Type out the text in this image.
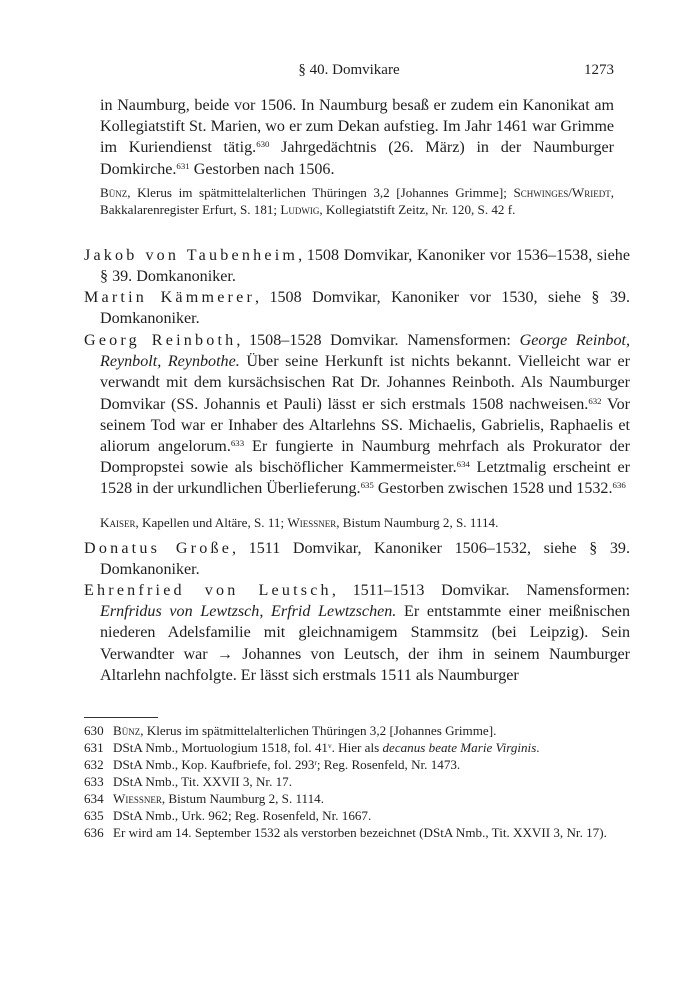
§ 40. Domvikare	1273
in Naumburg, beide vor 1506. In Naumburg besaß er zudem ein Kanonikat am Kollegiatstift St. Marien, wo er zum Dekan aufstieg. Im Jahr 1461 war Grimme im Kuriendienst tätig.$^{630}$ Jahrgedächtnis (26. März) in der Naumburger Domkirche.$^{631}$ Gestorben nach 1506.
Bünz, Klerus im spätmittelalterlichen Thüringen 3,2 [Johannes Grimme]; Schwinges/Wriedt, Bakkalarenregister Erfurt, S. 181; Ludwig, Kollegiatstift Zeitz, Nr. 120, S. 42 f.
Jakob von Taubenheim, 1508 Domvikar, Kanoniker vor 1536–1538, siehe § 39. Domkanoniker.
Martin Kämmerer, 1508 Domvikar, Kanoniker vor 1530, siehe § 39. Domkanoniker.
Georg Reinboth, 1508–1528 Domvikar. Namensformen: George Reinbot, Reynbolt, Reynbothe. Über seine Herkunft ist nichts bekannt. Vielleicht war er verwandt mit dem kursächsischen Rat Dr. Johannes Reinboth. Als Naumburger Domvikar (SS. Johannis et Pauli) lässt er sich erstmals 1508 nachweisen.$^{632}$ Vor seinem Tod war er Inhaber des Altarlehns SS. Michaelis, Gabrielis, Raphaelis et aliorum angelorum.$^{633}$ Er fungierte in Naumburg mehrfach als Prokurator der Dompropstei sowie als bischöflicher Kammermeister.$^{634}$ Letztmalig erscheint er 1528 in der urkundlichen Überlieferung.$^{635}$ Gestorben zwischen 1528 und 1532.$^{636}$
Kaiser, Kapellen und Altäre, S. 11; Wiessner, Bistum Naumburg 2, S. 1114.
Donatus Große, 1511 Domvikar, Kanoniker 1506–1532, siehe § 39. Domkanoniker.
Ehrenfried von Leutsch, 1511–1513 Domvikar. Namensformen: Ernfridus von Lewtzsch, Erfrid Lewtzschen. Er entstammte einer meißnischen niederen Adelsfamilie mit gleichnamigem Stammsitz (bei Leipzig). Sein Verwandter war → Johannes von Leutsch, der ihm in seinem Naumburger Altarlehn nachfolgte. Er lässt sich erstmals 1511 als Naumburger
630 Bünz, Klerus im spätmittelalterlichen Thüringen 3,2 [Johannes Grimme].
631 DStA Nmb., Mortuologium 1518, fol. 41$^v$. Hier als decanus beate Marie Virginis.
632 DStA Nmb., Kop. Kaufbriefe, fol. 293$^r$; Reg. Rosenfeld, Nr. 1473.
633 DStA Nmb., Tit. XXVII 3, Nr. 17.
634 Wiessner, Bistum Naumburg 2, S. 1114.
635 DStA Nmb., Urk. 962; Reg. Rosenfeld, Nr. 1667.
636 Er wird am 14. September 1532 als verstorben bezeichnet (DStA Nmb., Tit. XXVII 3, Nr. 17).
